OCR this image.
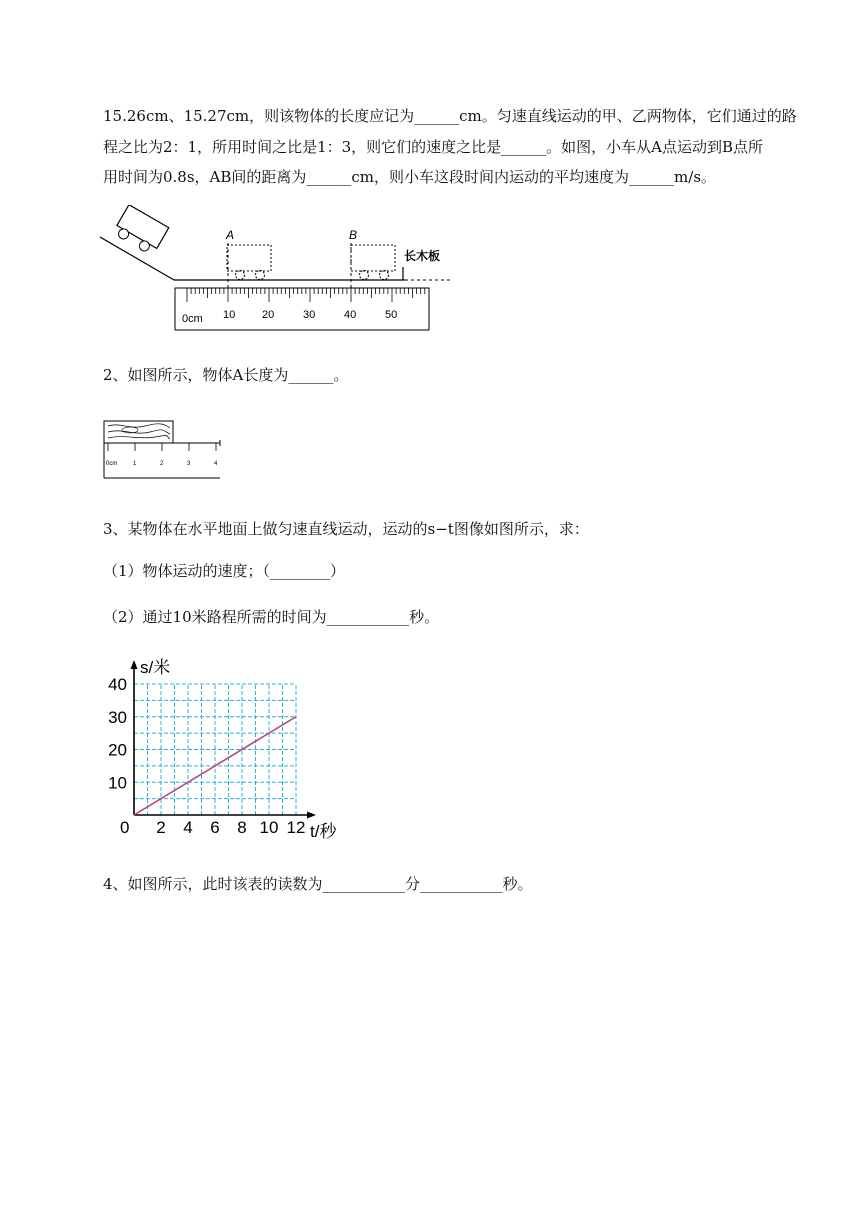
15.26cm、15.27cm，则该物体的长度应记为______cm。匀速直线运动的甲、乙两物体，它们通过的路
程之比为2：1，所用时间之比是1：3，则它们的速度之比是______。如图，小车从A点运动到B点所
用时间为0.8s，AB间的距离为______cm，则小车这段时间内运动的平均速度为______m/s。
A	B
长木板
0cm 10 20	30	40	50
2、如图所示，物体A长度为______。
0cm	1	2	3	4
3、某物体在水平地面上做匀速直线运动，运动的s−t图像如图所示，求：
（1）物体运动的速度；（________）
（2）通过10米路程所需的时间为___________秒。
0 2 4 6 8 10 12
10
20
30
40
s/米
t/秒
4、如图所示，此时该表的读数为___________分___________秒。
